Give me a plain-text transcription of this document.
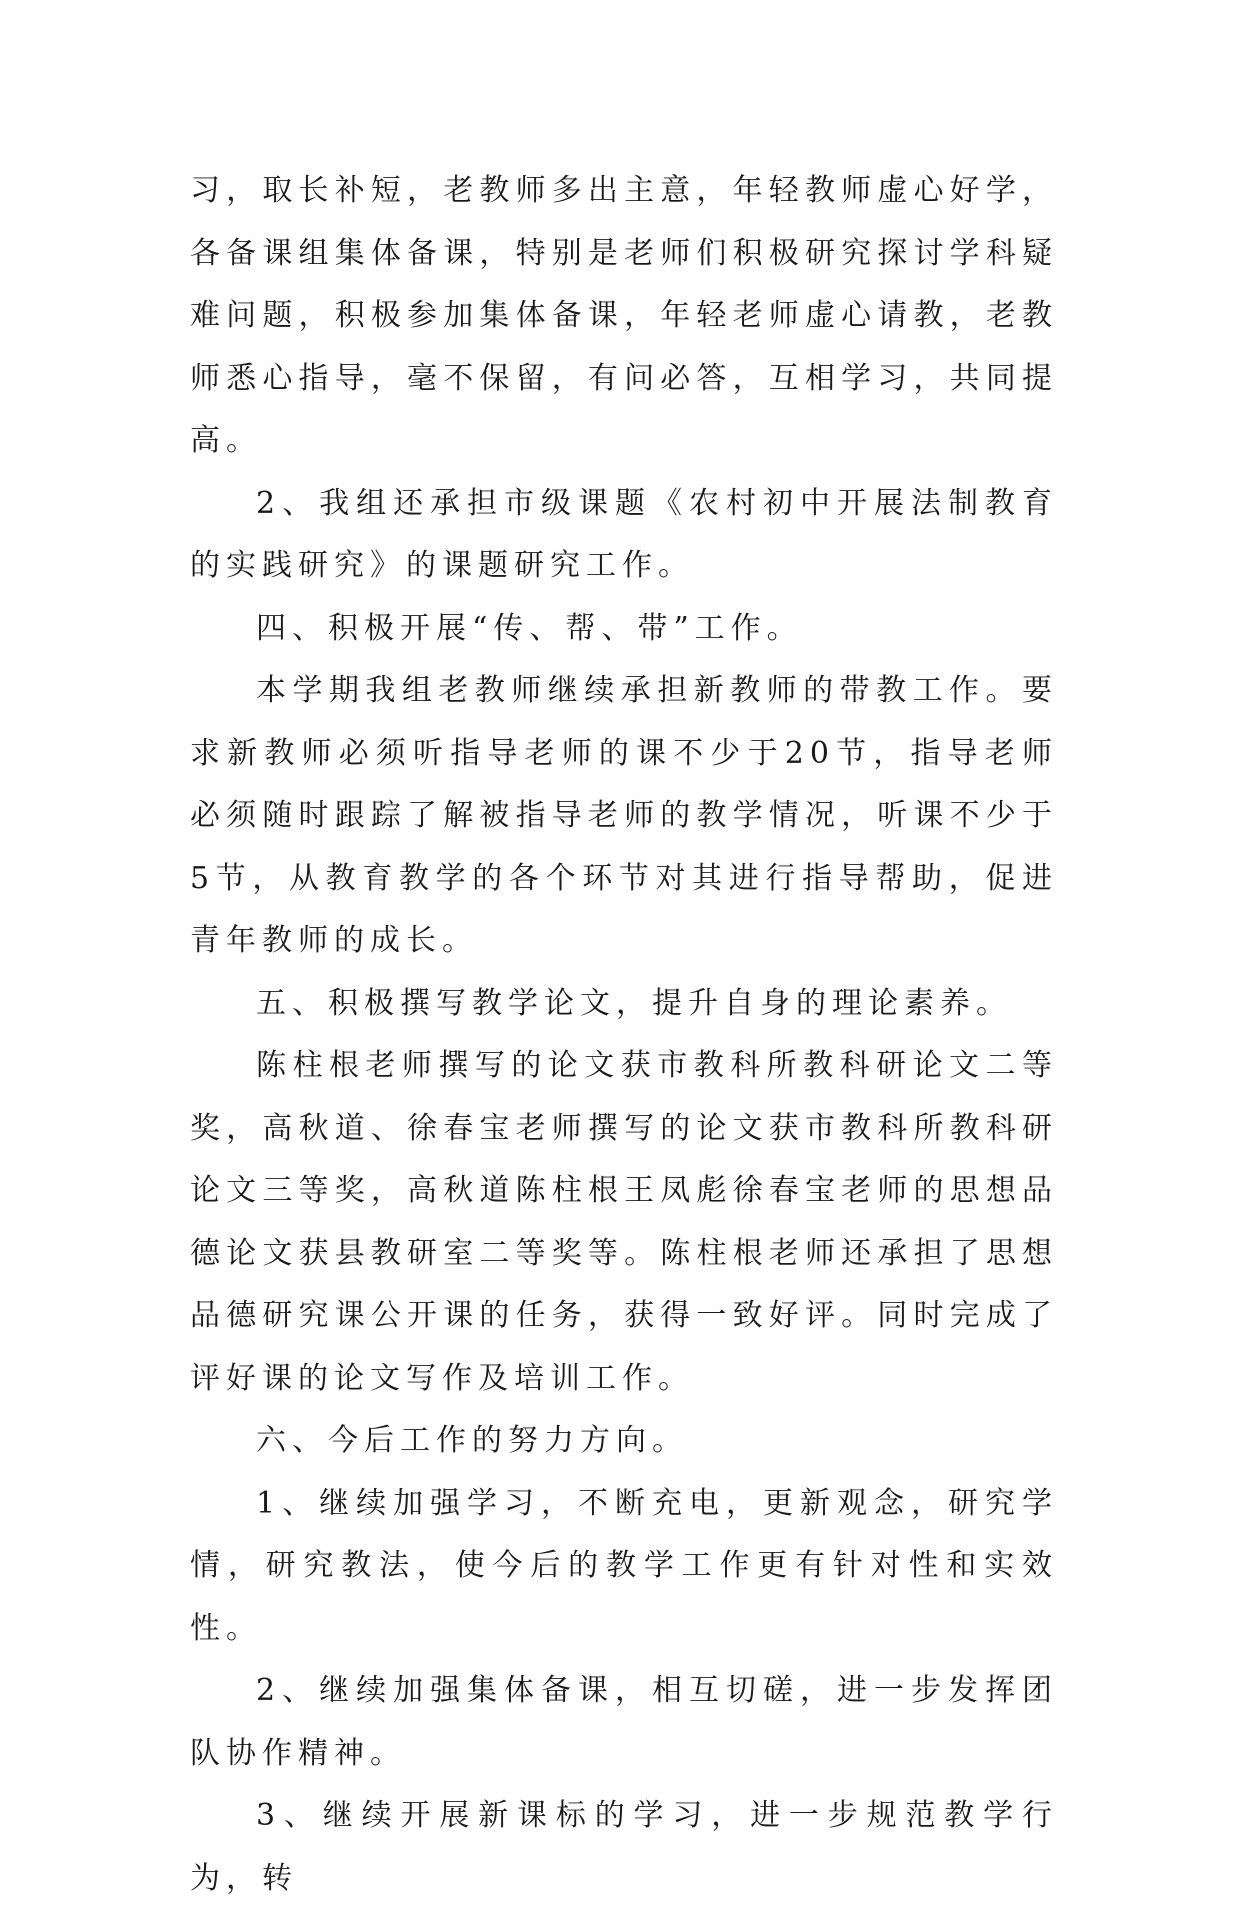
习，取长补短，老教师多出主意，年轻教师虚心好学，各备课组集体备课，特别是老师们积极研究探讨学科疑难问题，积极参加集体备课，年轻老师虚心请教，老教师悉心指导，毫不保留，有问必答，互相学习，共同提高。

2、我组还承担市级课题《农村初中开展法制教育的实践研究》的课题研究工作。

四、积极开展“传、帮、带”工作。

本学期我组老教师继续承担新教师的带教工作。要求新教师必须听指导老师的课不少于20节，指导老师必须随时跟踪了解被指导老师的教学情况，听课不少于5节，从教育教学的各个环节对其进行指导帮助，促进青年教师的成长。

五、积极撰写教学论文，提升自身的理论素养。

陈柱根老师撰写的论文获市教科所教科研论文二等奖，高秋道、徐春宝老师撰写的论文获市教科所教科研论文三等奖，高秋道陈柱根王凤彪徐春宝老师的思想品德论文获县教研室二等奖等。陈柱根老师还承担了思想品德研究课公开课的任务，获得一致好评。同时完成了评好课的论文写作及培训工作。

六、今后工作的努力方向。

1、继续加强学习，不断充电，更新观念，研究学情，研究教法，使今后的教学工作更有针对性和实效性。

2、继续加强集体备课，相互切磋，进一步发挥团队协作精神。

3、继续开展新课标的学习，进一步规范教学行为，转
